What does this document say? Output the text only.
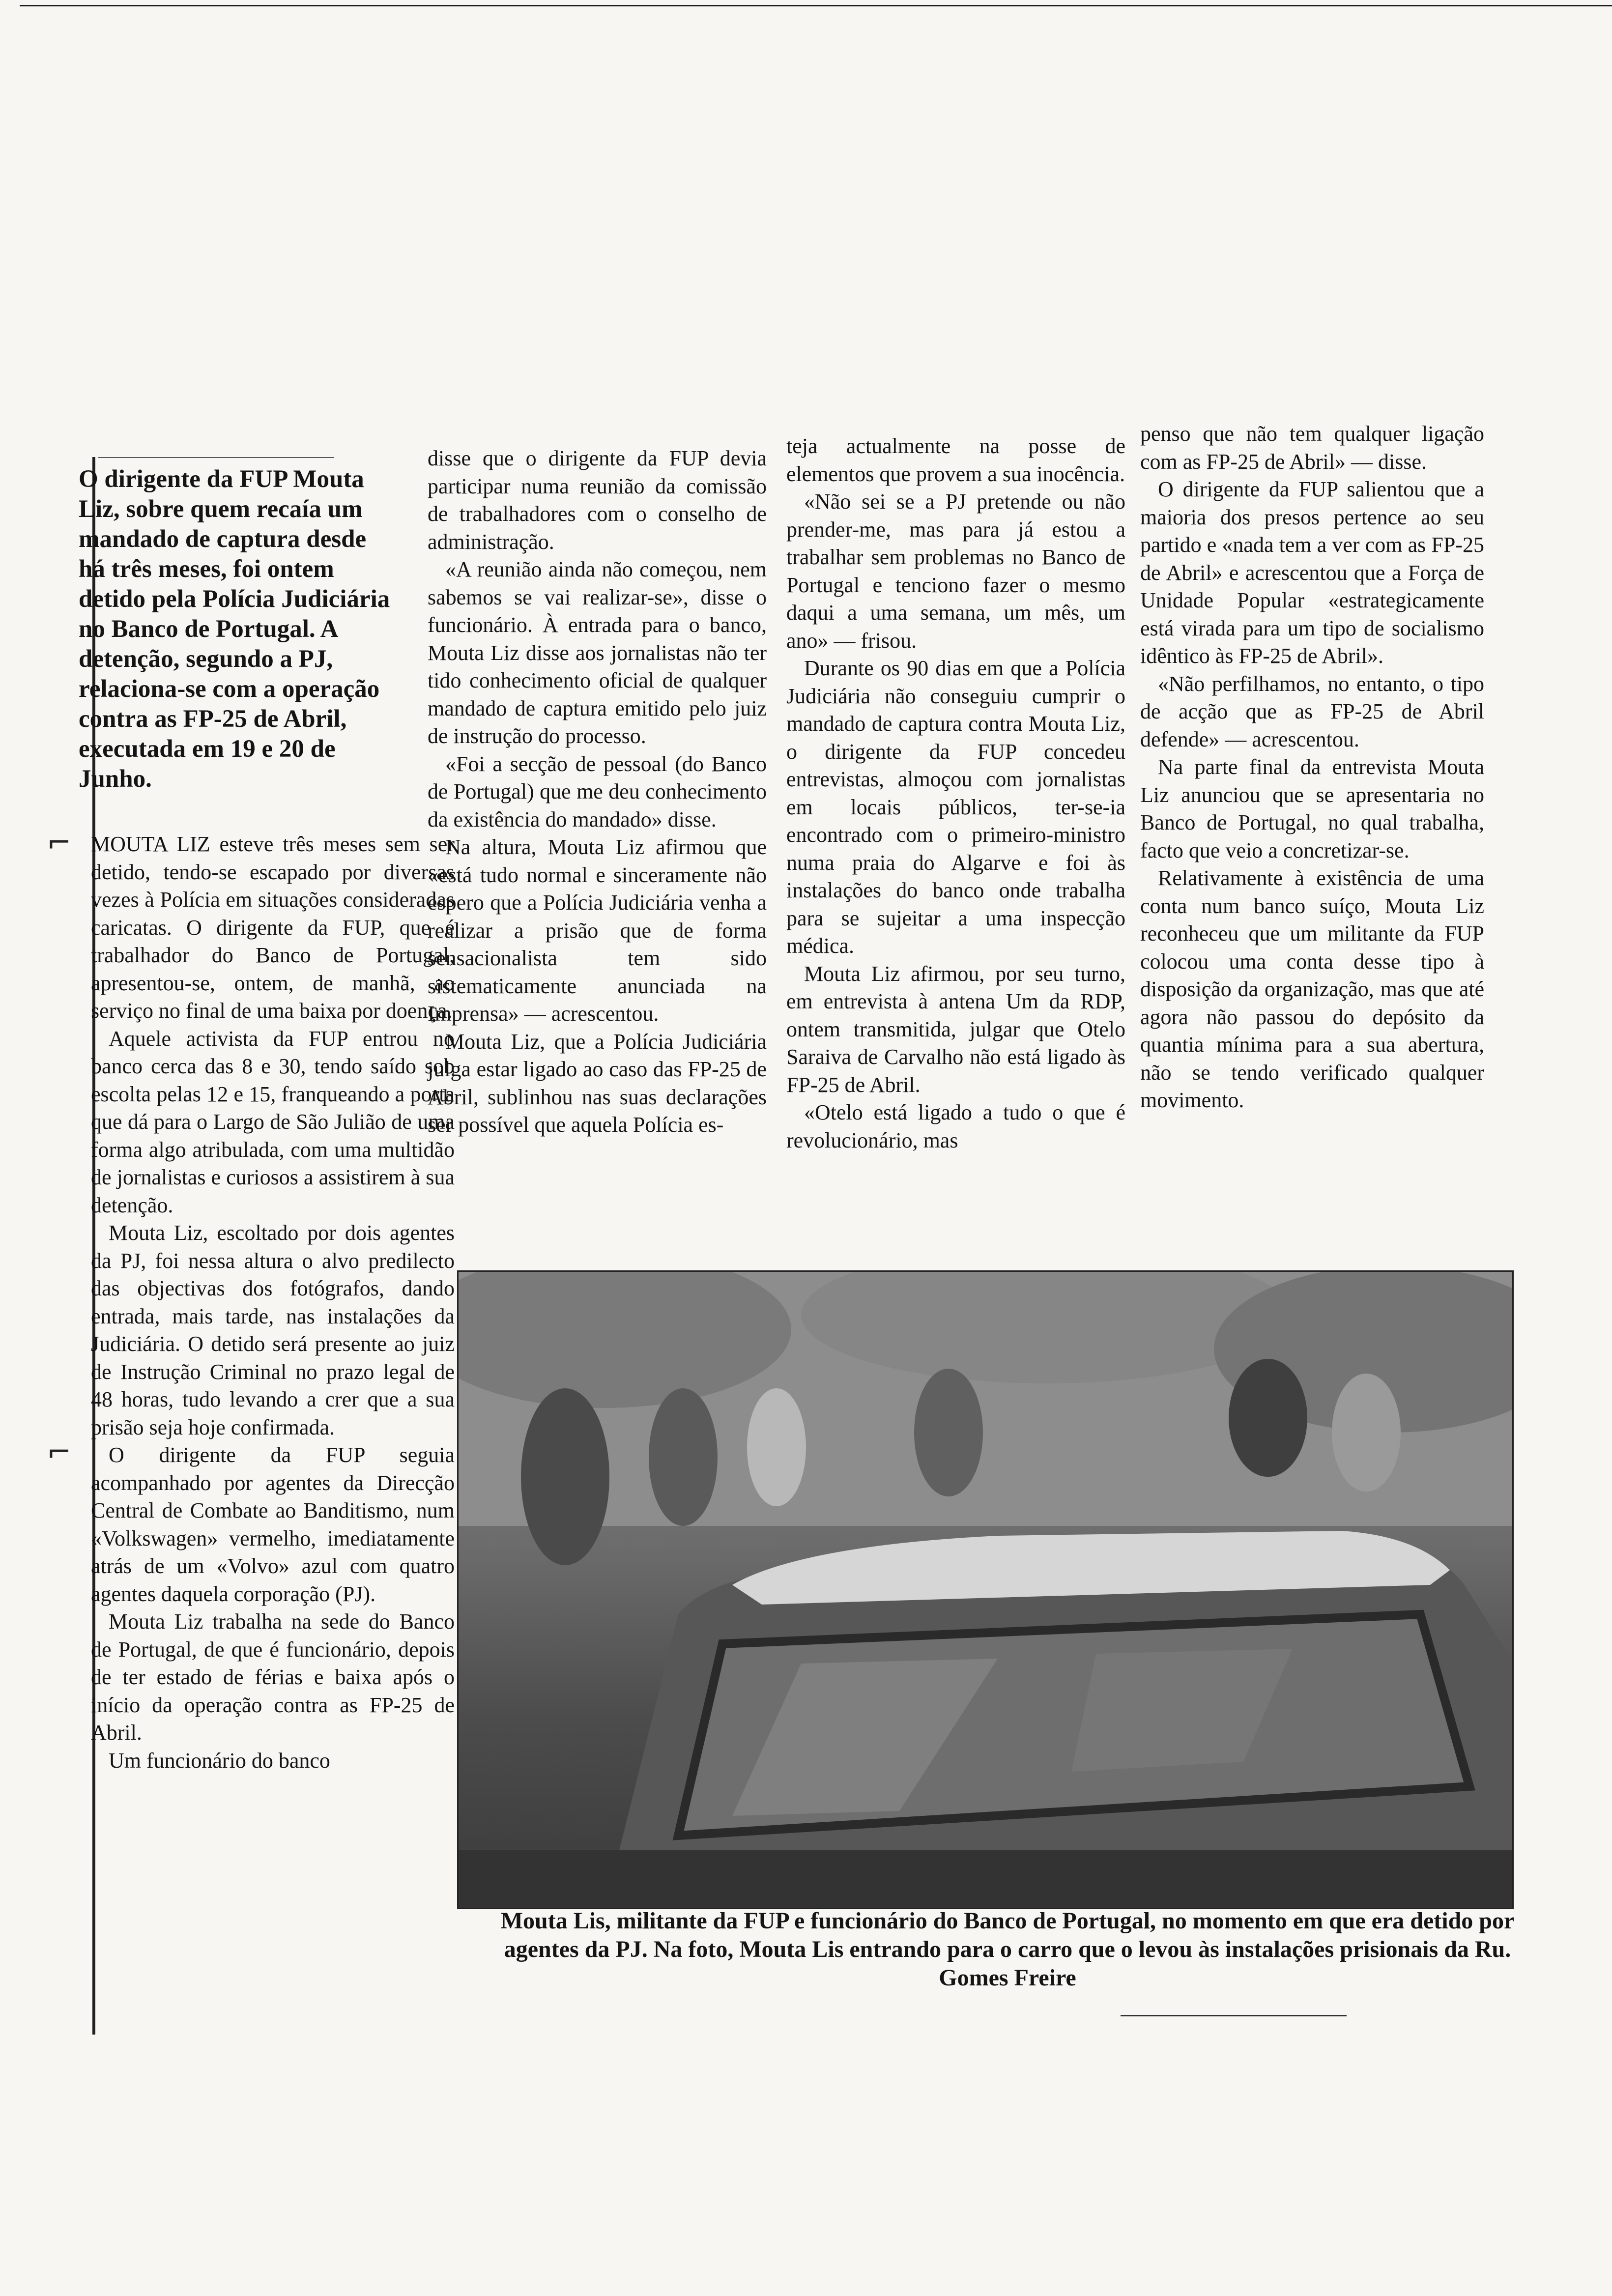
⌐
⌐
O dirigente da FUP Mouta Liz, sobre quem recaía um mandado de captura desde há três meses, foi ontem detido pela Polícia Judiciária no Banco de Portugal. A detenção, segundo a PJ, relaciona-se com a operação contra as FP-25 de Abril, executada em 19 e 20 de Junho.

MOUTA LIZ esteve três meses sem ser detido, tendo-se escapado por diversas vezes à Polícia em situações consideradas caricatas. O dirigente da FUP, que é trabalhador do Banco de Portugal, apresentou-se, ontem, de manhã, ao serviço no final de uma baixa por doença.

Aquele activista da FUP entrou no banco cerca das 8 e 30, tendo saído sob escolta pelas 12 e 15, franqueando a porta que dá para o Largo de São Julião de uma forma algo atribulada, com uma multidão de jornalistas e curiosos a assistirem à sua detenção.

Mouta Liz, escoltado por dois agentes da PJ, foi nessa altura o alvo predilecto das objectivas dos fotógrafos, dando entrada, mais tarde, nas instalações da Judiciária. O detido será presente ao juiz de Instrução Criminal no prazo legal de 48 horas, tudo levando a crer que a sua prisão seja hoje confirmada.

O dirigente da FUP seguia acompanhado por agentes da Direcção Central de Combate ao Banditismo, num «Volkswagen» vermelho, imediatamente atrás de um «Volvo» azul com quatro agentes daquela corporação (PJ).

Mouta Liz trabalha na sede do Banco de Portugal, de que é funcionário, depois de ter estado de férias e baixa após o início da operação contra as FP-25 de Abril.

Um funcionário do banco

disse que o dirigente da FUP devia participar numa reunião da comissão de trabalhadores com o conselho de administração.

«A reunião ainda não começou, nem sabemos se vai realizar-se», disse o funcionário. À entrada para o banco, Mouta Liz disse aos jornalistas não ter tido conhecimento oficial de qualquer mandado de captura emitido pelo juiz de instrução do processo.

«Foi a secção de pessoal (do Banco de Portugal) que me deu conhecimento da existência do mandado» disse.

Na altura, Mouta Liz afirmou que «está tudo normal e sinceramente não espero que a Polícia Judiciária venha a realizar a prisão que de forma sensacionalista tem sido sistematicamente anunciada na Imprensa» — acrescentou.

Mouta Liz, que a Polícia Judiciária julga estar ligado ao caso das FP-25 de Abril, sublinhou nas suas declarações ser possível que aquela Polícia es-

teja actualmente na posse de elementos que provem a sua inocência.

«Não sei se a PJ pretende ou não prender-me, mas para já estou a trabalhar sem problemas no Banco de Portugal e tenciono fazer o mesmo daqui a uma semana, um mês, um ano» — frisou.

Durante os 90 dias em que a Polícia Judiciária não conseguiu cumprir o mandado de captura contra Mouta Liz, o dirigente da FUP concedeu entrevistas, almoçou com jornalistas em locais públicos, ter-se-ia encontrado com o primeiro-ministro numa praia do Algarve e foi às instalações do banco onde trabalha para se sujeitar a uma inspecção médica.

Mouta Liz afirmou, por seu turno, em entrevista à antena Um da RDP, ontem transmitida, julgar que Otelo Saraiva de Carvalho não está ligado às FP-25 de Abril.

«Otelo está ligado a tudo o que é revolucionário, mas

penso que não tem qualquer ligação com as FP-25 de Abril» — disse.

O dirigente da FUP salientou que a maioria dos presos pertence ao seu partido e «nada tem a ver com as FP-25 de Abril» e acrescentou que a Força de Unidade Popular «estrategicamente está virada para um tipo de socialismo idêntico às FP-25 de Abril».

«Não perfilhamos, no entanto, o tipo de acção que as FP-25 de Abril defende» — acrescentou.

Na parte final da entrevista Mouta Liz anunciou que se apresentaria no Banco de Portugal, no qual trabalha, facto que veio a concretizar-se.

Relativamente à existência de uma conta num banco suíço, Mouta Liz reconheceu que um militante da FUP colocou uma conta desse tipo à disposição da organização, mas que até agora não passou do depósito da quantia mínima para a sua abertura, não se tendo verificado qualquer movimento.

Mouta Lis, militante da FUP e funcionário do Banco de Portugal, no momento em que era detido por agentes da PJ. Na foto, Mouta Lis entrando para o carro que o levou às instalações prisionais da Ru. Gomes Freire
